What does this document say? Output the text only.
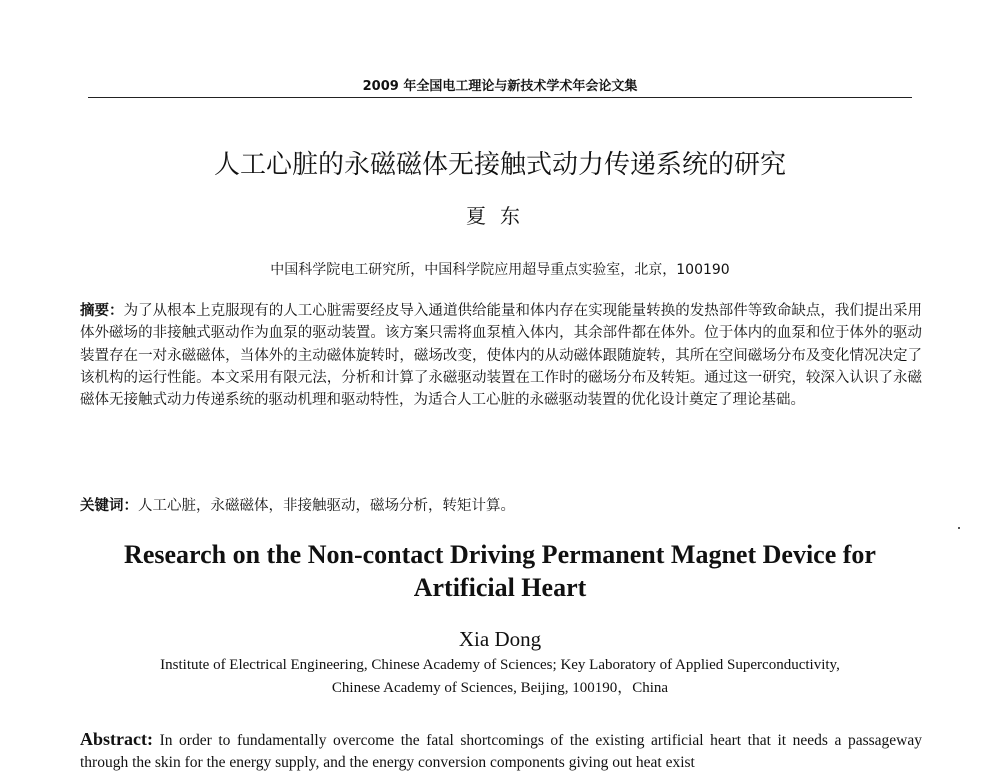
2009 年全国电工理论与新技术学术年会论文集
人工心脏的永磁磁体无接触式动力传递系统的研究
夏东
中国科学院电工研究所，中国科学院应用超导重点实验室，北京，100190
摘要：为了从根本上克服现有的人工心脏需要经皮导入通道供给能量和体内存在实现能量转换的发热部件等致命缺点，我们提出采用体外磁场的非接触式驱动作为血泵的驱动装置。该方案只需将血泵植入体内，其余部件都在体外。位于体内的血泵和位于体外的驱动装置存在一对永磁磁体，当体外的主动磁体旋转时，磁场改变，使体内的从动磁体跟随旋转，其所在空间磁场分布及变化情况决定了该机构的运行性能。本文采用有限元法，分析和计算了永磁驱动装置在工作时的磁场分布及转矩。通过这一研究，较深入认识了永磁磁体无接触式动力传递系统的驱动机理和驱动特性，为适合人工心脏的永磁驱动装置的优化设计奠定了理论基础。
关键词：人工心脏，永磁磁体，非接触驱动，磁场分析，转矩计算。
Research on the Non-contact Driving Permanent Magnet Device for
Artificial Heart
Xia Dong
Institute of Electrical Engineering, Chinese Academy of Sciences; Key Laboratory of Applied Superconductivity,
Chinese Academy of Sciences, Beijing, 100190，China
Abstract: In order to fundamentally overcome the fatal shortcomings of the existing artificial heart that it needs a passageway through the skin for the energy supply, and the energy conversion components giving out heat exist
